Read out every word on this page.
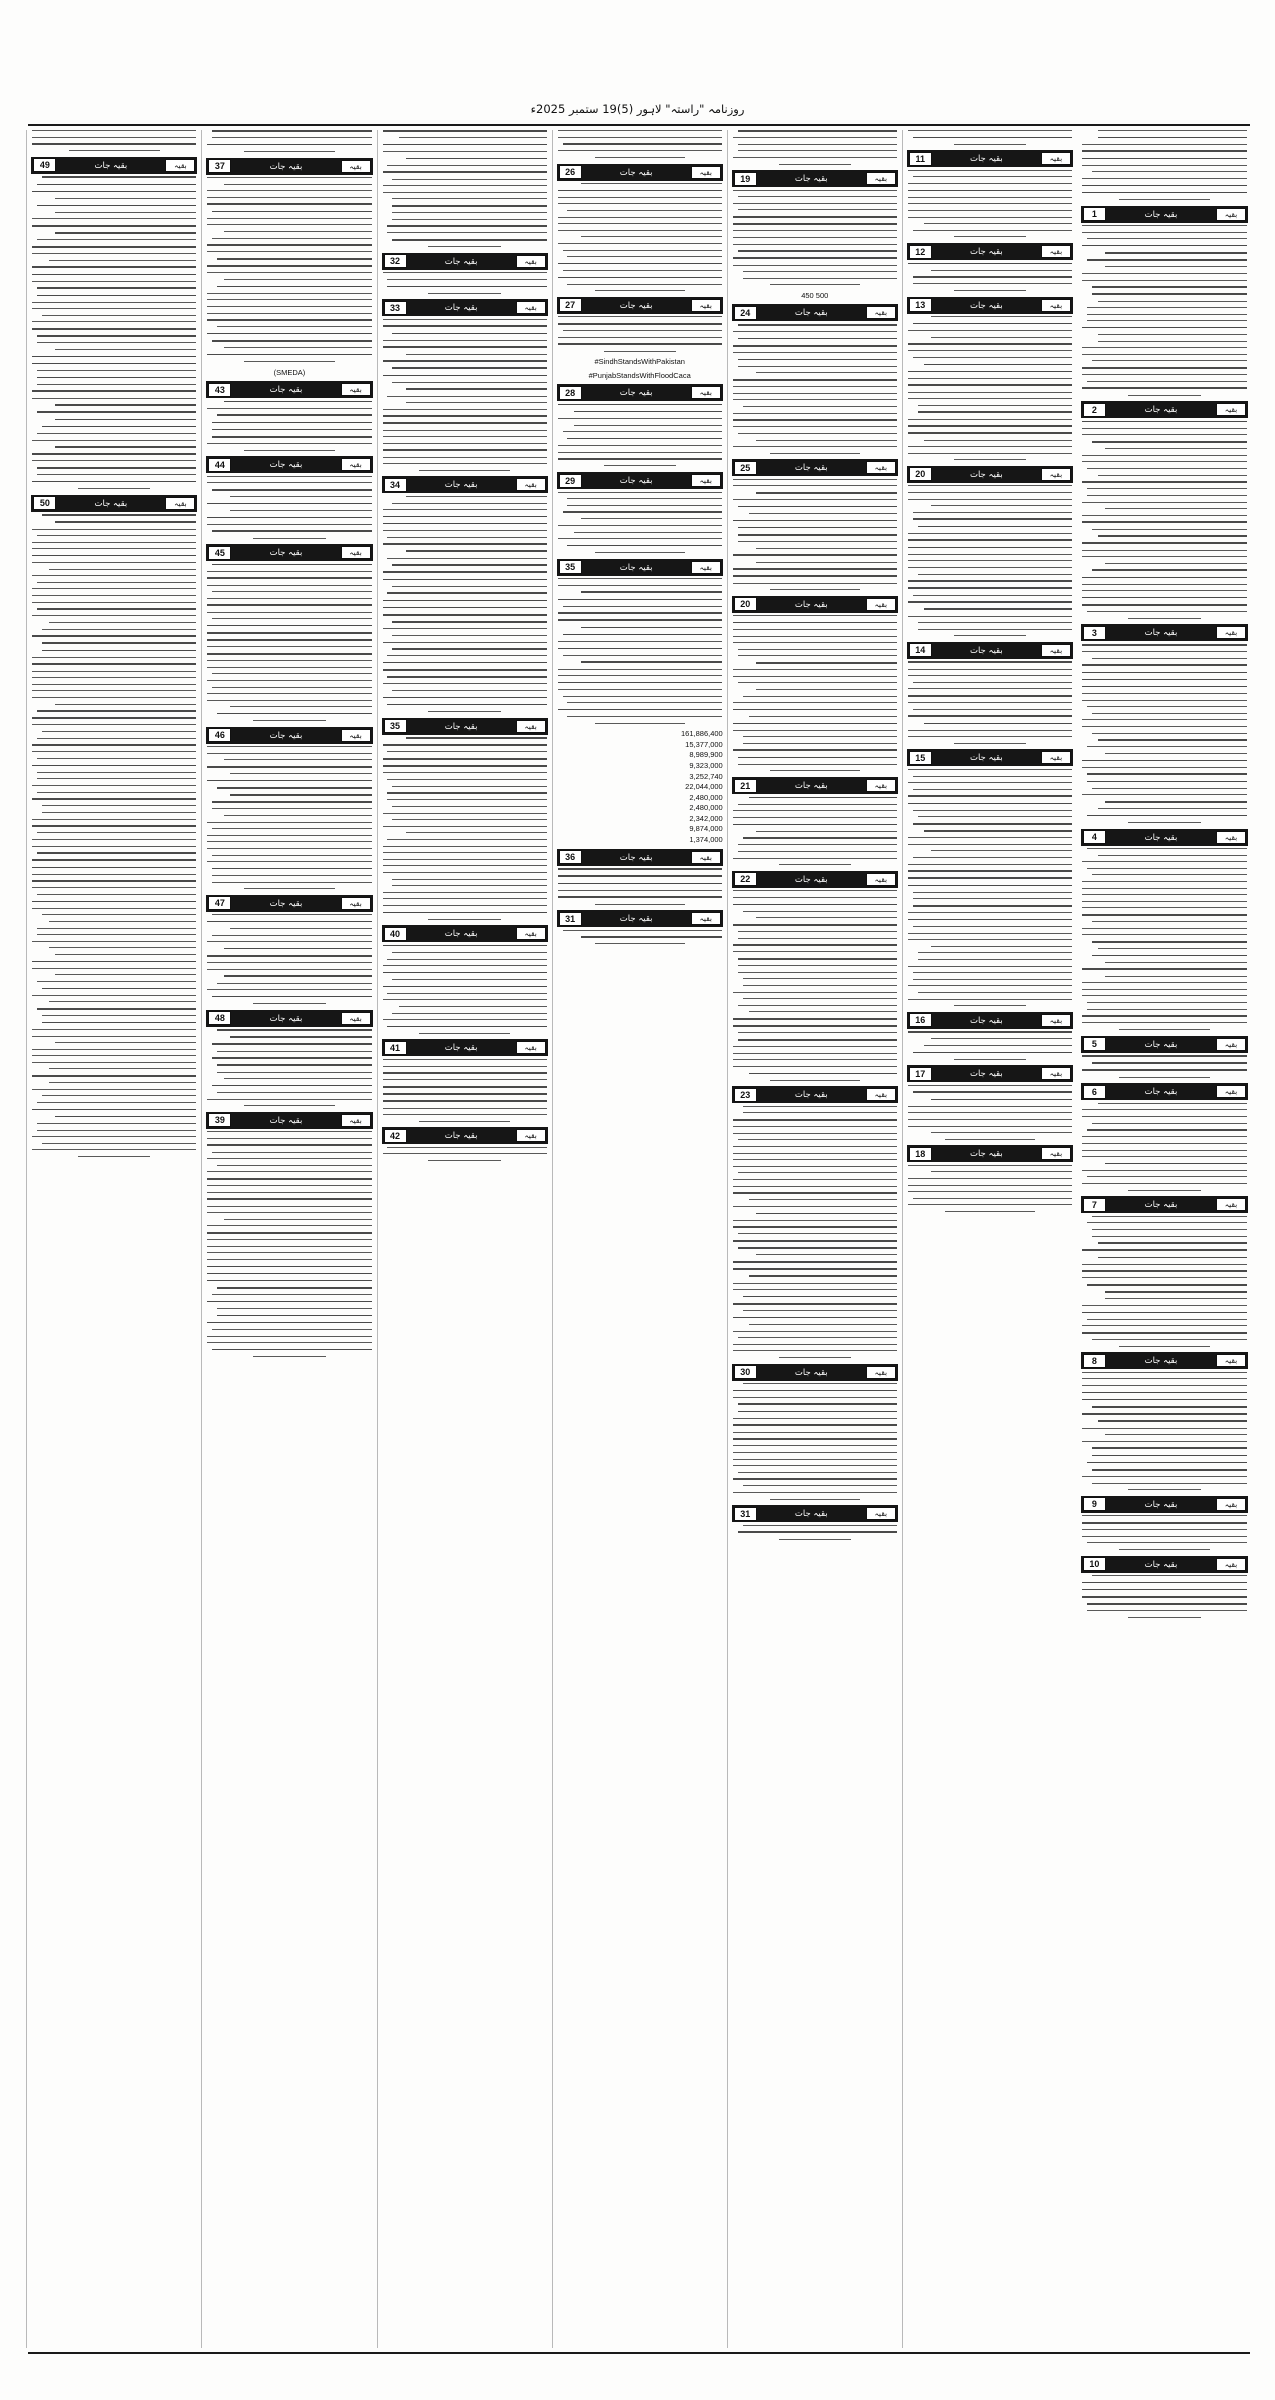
روزنامہ "راستہ" لاہور (5)19 ستمبر 2025ء
بقیہ
بقیہ جات
1
بقیہ
بقیہ جات
2
بقیہ
بقیہ جات
3
بقیہ
بقیہ جات
4
بقیہ
بقیہ جات
5
بقیہ
بقیہ جات
6
بقیہ
بقیہ جات
7
بقیہ
بقیہ جات
8
بقیہ
بقیہ جات
9
بقیہ
بقیہ جات
10
بقیہ
بقیہ جات
11
بقیہ
بقیہ جات
12
بقیہ
بقیہ جات
13
بقیہ
بقیہ جات
20
بقیہ
بقیہ جات
14
بقیہ
بقیہ جات
15
بقیہ
بقیہ جات
16
بقیہ
بقیہ جات
17
بقیہ
بقیہ جات
18
بقیہ
بقیہ جات
19
450 500
بقیہ
بقیہ جات
24
بقیہ
بقیہ جات
25
بقیہ
بقیہ جات
20
بقیہ
بقیہ جات
21
بقیہ
بقیہ جات
22
بقیہ
بقیہ جات
23
بقیہ
بقیہ جات
30
بقیہ
بقیہ جات
31
بقیہ
بقیہ جات
26
بقیہ
بقیہ جات
27
#SindhStandsWithPakistan
#PunjabStandsWithFloodCaca
بقیہ
بقیہ جات
28
بقیہ
بقیہ جات
29
بقیہ
بقیہ جات
35
161,886,400
15,377,000
8,989,900
9,323,000
3,252,740
22,044,000
2,480,000
2,480,000
2,342,000
9,874,000
1,374,000
بقیہ
بقیہ جات
36
بقیہ
بقیہ جات
31
بقیہ
بقیہ جات
32
بقیہ
بقیہ جات
33
بقیہ
بقیہ جات
34
بقیہ
بقیہ جات
35
بقیہ
بقیہ جات
40
بقیہ
بقیہ جات
41
بقیہ
بقیہ جات
42
بقیہ
بقیہ جات
37
(SMEDA)
بقیہ
بقیہ جات
43
بقیہ
بقیہ جات
44
بقیہ
بقیہ جات
45
بقیہ
بقیہ جات
46
بقیہ
بقیہ جات
47
بقیہ
بقیہ جات
48
بقیہ
بقیہ جات
39
بقیہ
بقیہ جات
49
بقیہ
بقیہ جات
50
